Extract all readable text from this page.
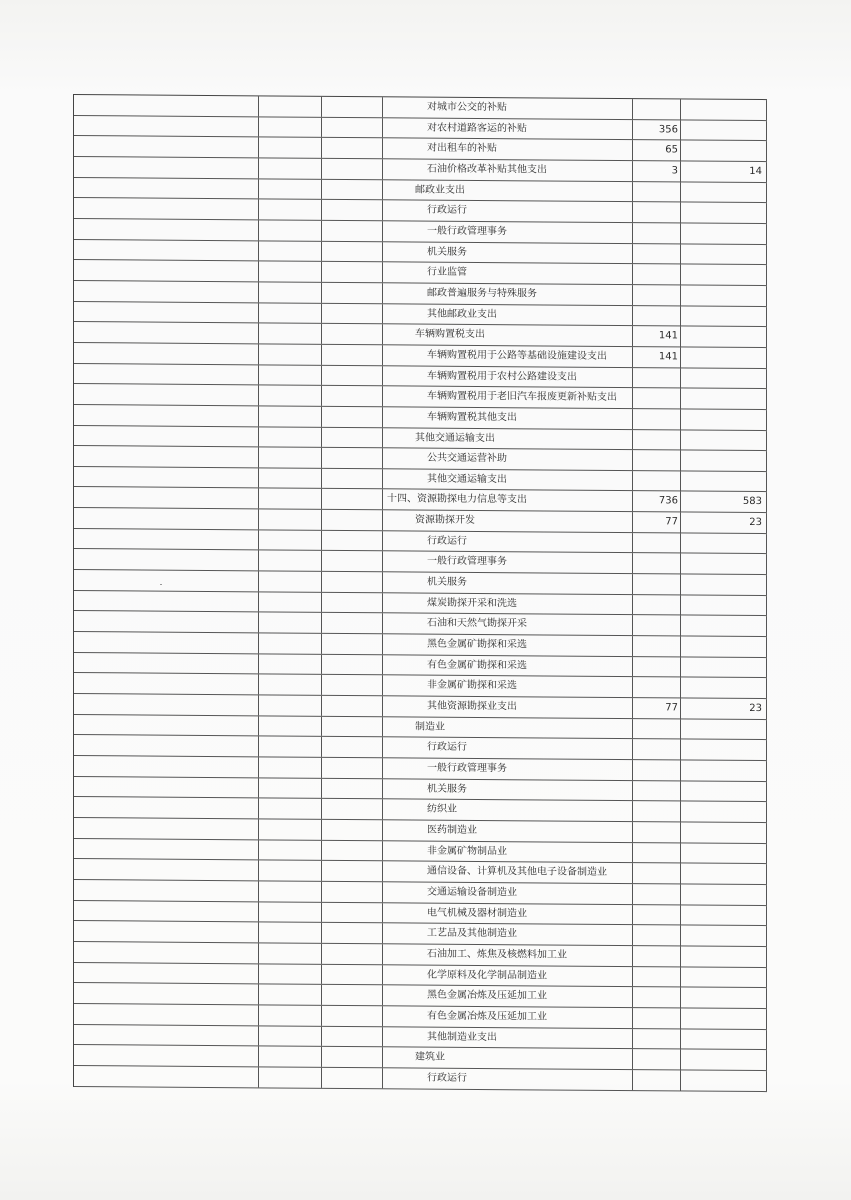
对城市公交的补贴
对农村道路客运的补贴	356
对出租车的补贴	65
石油价格改革补贴其他支出	3	14
邮政业支出
行政运行
一般行政管理事务
机关服务
行业监管
邮政普遍服务与特殊服务
其他邮政业支出
车辆购置税支出	141
车辆购置税用于公路等基础设施建设支出	141
车辆购置税用于农村公路建设支出
车辆购置税用于老旧汽车报废更新补贴支出
车辆购置税其他支出
其他交通运输支出
公共交通运营补助
其他交通运输支出
十四、资源勘探电力信息等支出	736	583
资源勘探开发	77	23
行政运行
一般行政管理事务
机关服务
煤炭勘探开采和洗选
石油和天然气勘探开采
黑色金属矿勘探和采选
有色金属矿勘探和采选
非金属矿勘探和采选
其他资源勘探业支出	77	23
制造业
行政运行
一般行政管理事务
机关服务
纺织业
医药制造业
非金属矿物制品业
通信设备、计算机及其他电子设备制造业
交通运输设备制造业
电气机械及器材制造业
工艺品及其他制造业
石油加工、炼焦及核燃料加工业
化学原料及化学制品制造业
黑色金属冶炼及压延加工业
有色金属冶炼及压延加工业
其他制造业支出
建筑业
行政运行
